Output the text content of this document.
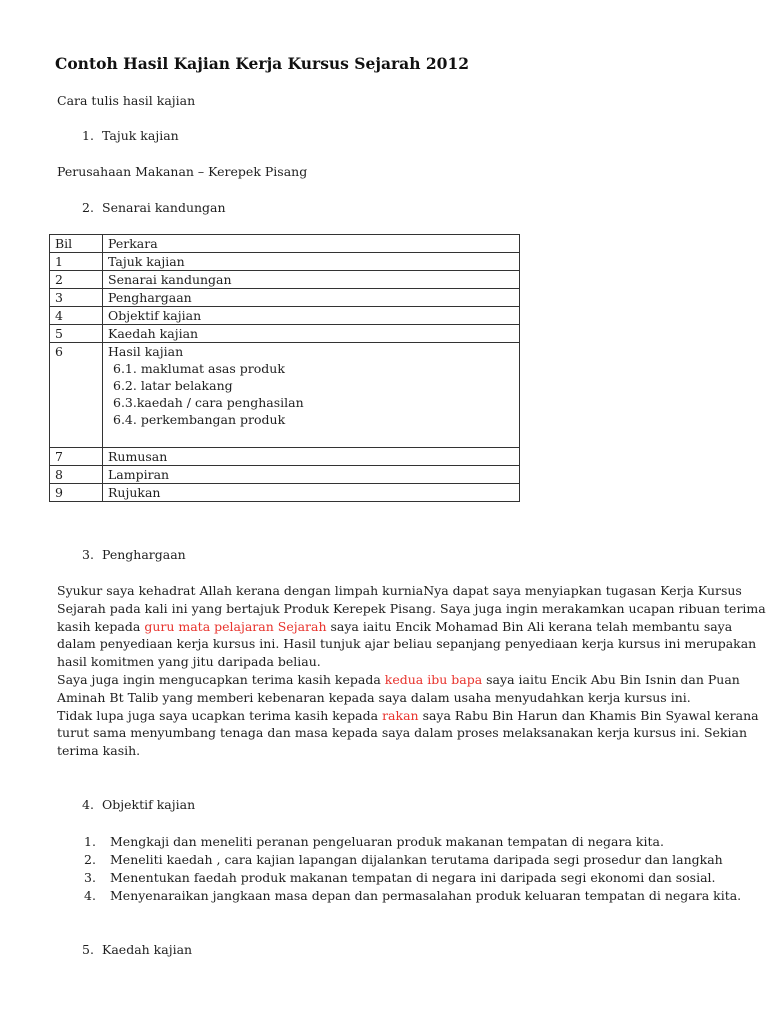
Contoh Hasil Kajian Kerja Kursus Sejarah 2012
Cara tulis hasil kajian
1. Tajuk kajian
Perusahaan Makanan – Kerepek Pisang
2. Senarai kandungan
Bil	Perkara
1	Tajuk kajian
2	Senarai kandungan
3	Penghargaan
4	Objektif kajian
5	Kaedah kajian
6	Hasil kajian
6.1. maklumat asas produk
6.2. latar belakang
6.3.kaedah / cara penghasilan
6.4. perkembangan produk

7	Rumusan
8	Lampiran
9	Rujukan
3. Penghargaan
Syukur saya kehadrat Allah kerana dengan limpah kurniaNya dapat saya menyiapkan tugasan Kerja Kursus
Sejarah pada kali ini yang bertajuk Produk Kerepek Pisang. Saya juga ingin merakamkan ucapan ribuan terima
kasih kepada guru mata pelajaran Sejarah saya iaitu Encik Mohamad Bin Ali kerana telah membantu saya
dalam penyediaan kerja kursus ini. Hasil tunjuk ajar beliau sepanjang penyediaan kerja kursus ini merupakan
hasil komitmen yang jitu daripada beliau.
Saya juga ingin mengucapkan terima kasih kepada kedua ibu bapa saya iaitu Encik Abu Bin Isnin dan Puan
Aminah Bt Talib yang memberi kebenaran kepada saya dalam usaha menyudahkan kerja kursus ini.
Tidak lupa juga saya ucapkan terima kasih kepada rakan saya Rabu Bin Harun dan Khamis Bin Syawal kerana
turut sama menyumbang tenaga dan masa kepada saya dalam proses melaksanakan kerja kursus ini. Sekian
terima kasih.
4. Objektif kajian
1. Mengkaji dan meneliti peranan pengeluaran produk makanan tempatan di negara kita.
2. Meneliti kaedah , cara kajian lapangan dijalankan terutama daripada segi prosedur dan langkah
3. Menentukan faedah produk makanan tempatan di negara ini daripada segi ekonomi dan sosial.
4. Menyenaraikan jangkaan masa depan dan permasalahan produk keluaran tempatan di negara kita.
5. Kaedah kajian
